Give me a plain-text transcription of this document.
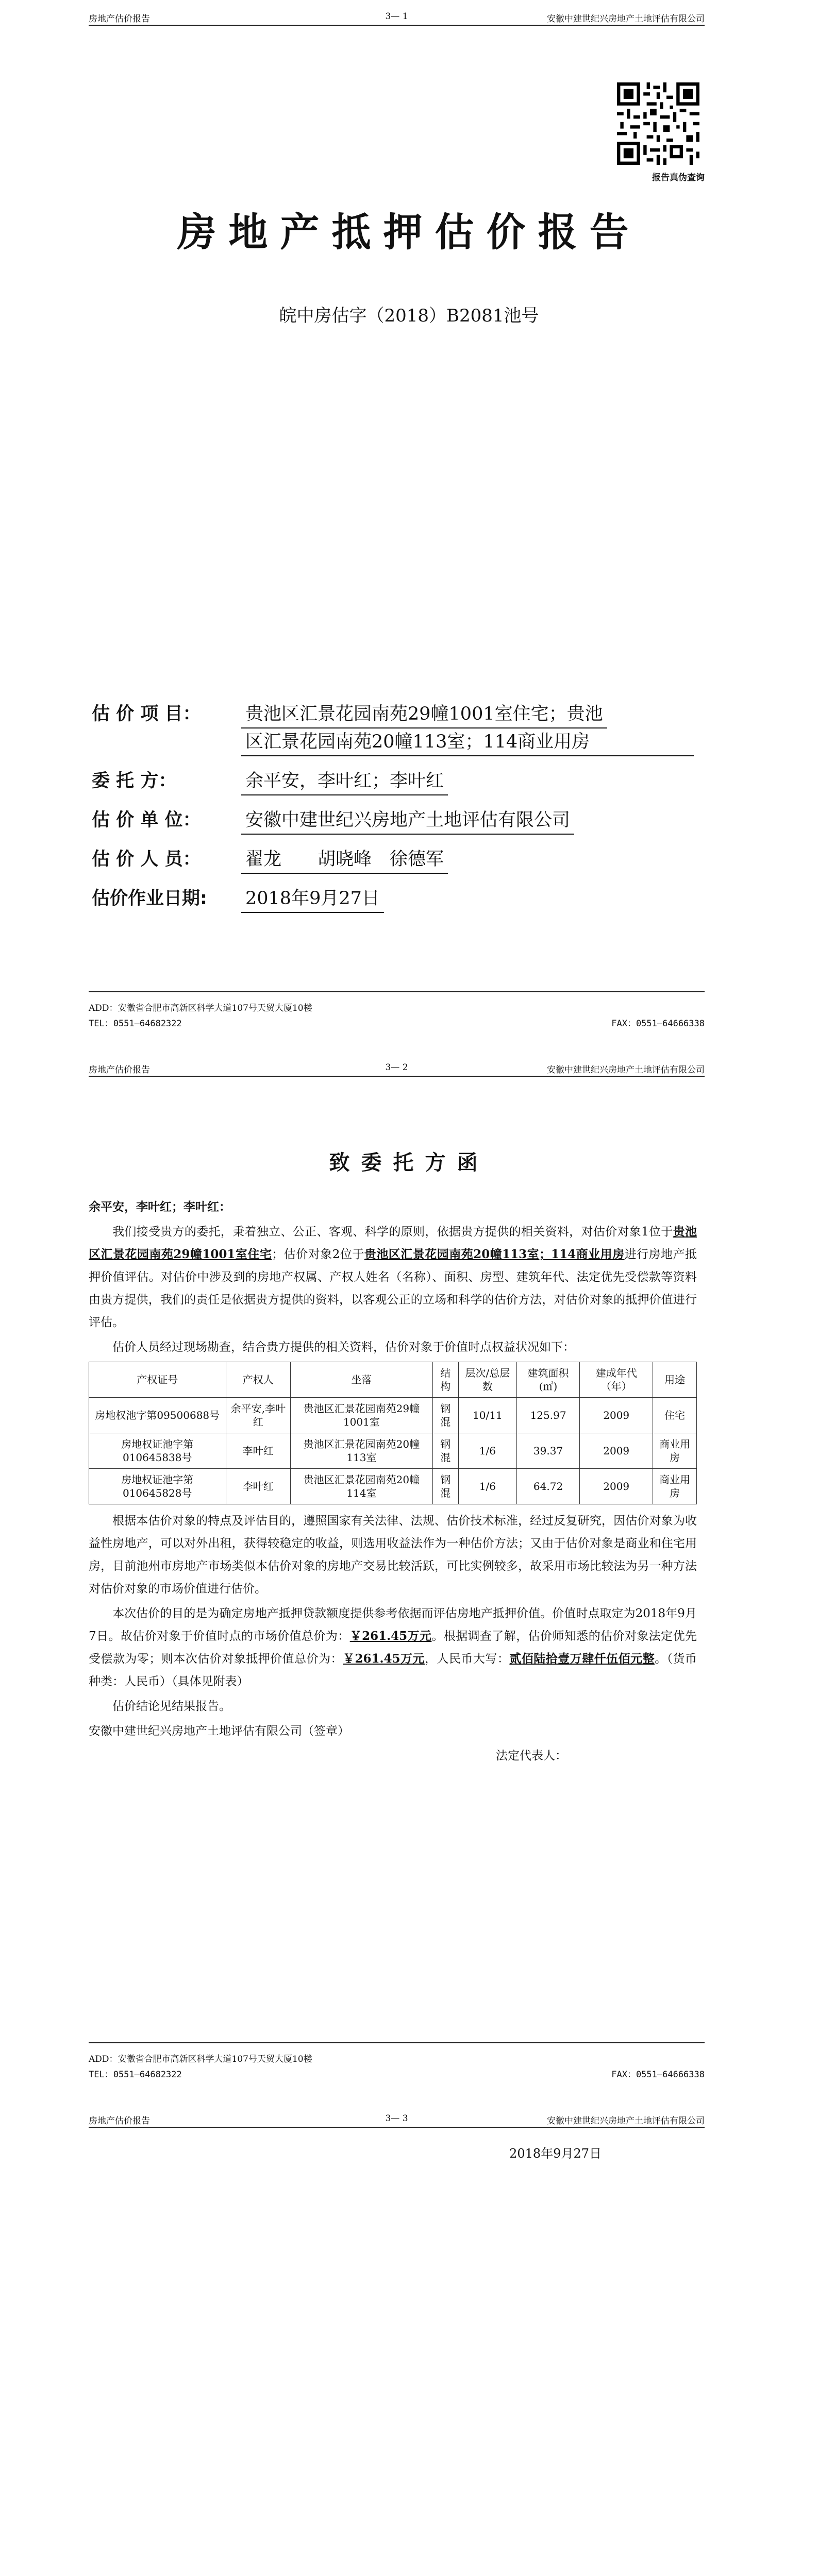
房地产估价报告	3— 1	安徽中建世纪兴房地产土地评估有限公司
报告真伪查询
房地产抵押估价报告
皖中房估字（2018）B2081池号
估 价 项 目： 贵池区汇景花园南苑29幢1001室住宅；贵池
区汇景花园南苑20幢113室；114商业用房
委 托 方：	余平安，李叶红；李叶红
估 价 单 位： 安徽中建世纪兴房地产土地评估有限公司
估 价 人 员： 翟龙　　胡晓峰　徐德军
估价作业日期: 2018年9月27日
ADD：安徽省合肥市高新区科学大道107号天贸大厦10楼
TEL：0551—64682322	FAX：0551—64666338
房地产估价报告	3— 2	安徽中建世纪兴房地产土地评估有限公司
致委托方函

余平安，李叶红；李叶红：

我们接受贵方的委托，秉着独立、公正、客观、科学的原则，依据贵方提供的相关资料，对估价对象1位于贵池区汇景花园南苑29幢1001室住宅；估价对象2位于贵池区汇景花园南苑20幢113室；114商业用房进行房地产抵押价值评估。对估价中涉及到的房地产权属、产权人姓名（名称）、面积、房型、建筑年代、法定优先受偿款等资料由贵方提供，我们的责任是依据贵方提供的资料，以客观公正的立场和科学的估价方法，对估价对象的抵押价值进行评估。

估价人员经过现场勘查，结合贵方提供的相关资料，估价对象于价值时点权益状况如下：

产权证号	产权人	坐落	结构	层次/总层数	建筑面积(㎡)	建成年代（年）	用途
房地权池字第09500688号	余平安,李叶红	贵池区汇景花园南苑29幢1001室	钢混	10/11	125.97	2009	住宅
房地权证池字第010645838号	李叶红	贵池区汇景花园南苑20幢113室	钢混	1/6	39.37	2009	商业用房
房地权证池字第010645828号	李叶红	贵池区汇景花园南苑20幢114室	钢混	1/6	64.72	2009	商业用房

根据本估价对象的特点及评估目的，遵照国家有关法律、法规、估价技术标准，经过反复研究，因估价对象为收益性房地产，可以对外出租，获得较稳定的收益，则选用收益法作为一种估价方法；又由于估价对象是商业和住宅用房，目前池州市房地产市场类似本估价对象的房地产交易比较活跃，可比实例较多，故采用市场比较法为另一种方法对估价对象的市场价值进行估价。

本次估价的目的是为确定房地产抵押贷款额度提供参考依据而评估房地产抵押价值。价值时点取定为2018年9月7日。故估价对象于价值时点的市场价值总价为：￥261.45万元。根据调查了解，估价师知悉的估价对象法定优先受偿款为零；则本次估价对象抵押价值总价为：￥261.45万元，人民币大写：贰佰陆拾壹万肆仟伍佰元整。（货币种类：人民币）（具体见附表）

估价结论见结果报告。

安徽中建世纪兴房地产土地评估有限公司（签章）

法定代表人：

ADD：安徽省合肥市高新区科学大道107号天贸大厦10楼
TEL：0551—64682322	FAX：0551—64666338
房地产估价报告	3— 3	安徽中建世纪兴房地产土地评估有限公司
2018年9月27日
